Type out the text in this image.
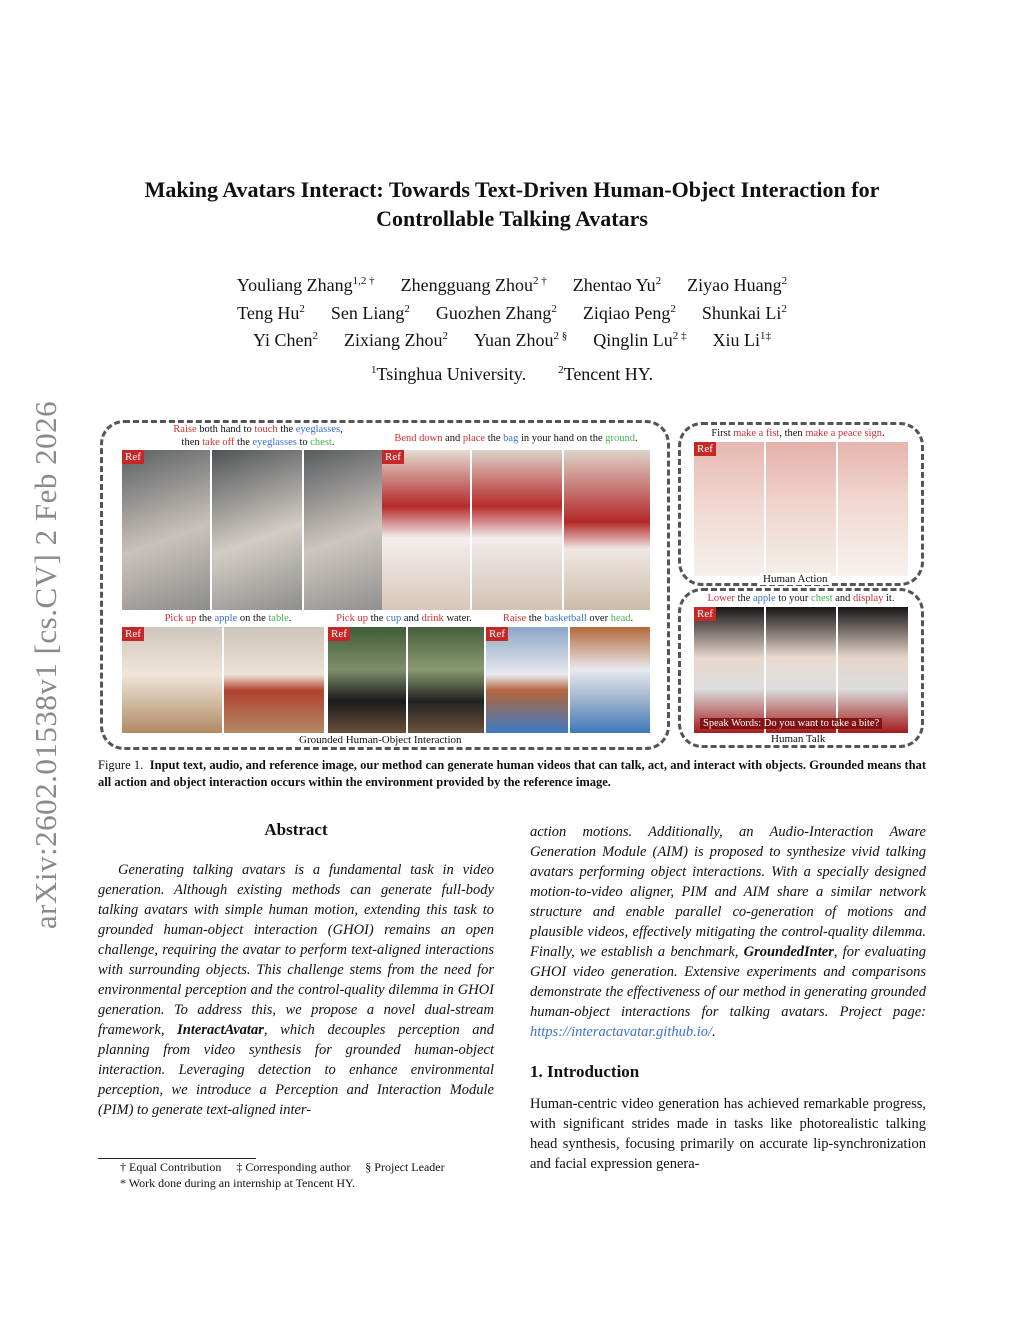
arXiv:2602.01538v1 [cs.CV] 2 Feb 2026
Making Avatars Interact: Towards Text-Driven Human-Object Interaction for
Controllable Talking Avatars
Youliang Zhang$^{1,2 \dagger}$ Zhengguang Zhou$^{2 \dagger}$ Zhentao Yu$^2$ Ziyao Huang$^2$
Teng Hu$^2$ Sen Liang$^2$ Guozhen Zhang$^2$ Ziqiao Peng$^2$ Shunkai Li$^2$
Yi Chen$^2$ Zixiang Zhou$^2$ Yuan Zhou$^{2 \S}$ Qinglin $Lu^{2 \ddagger}$ Xiu $Li^{1\ddagger}$
$^1$Tsinghua University.	$^2$Tencent HY.
Raise both hand to touch the eyeglasses,
then take off the eyeglasses to chest.	Bend down and place the bag in your hand on the ground.	First make a fist, then make a peace sign.
Ref	Ref
Pick up the apple on the table.	Pick up the cup and drink water.	Raise the basketball over head.
Ref	Ref	Ref
Ref
Lower the apple to your chest and display it.
Ref
Speak Words: Do you want to take a bite?
Grounded Human-Object Interaction
Human Action
Human Talk
Figure 1. Input text, audio, and reference image, our method can generate human videos that can talk, act, and interact with objects. Grounded means that all action and object interaction occurs within the environment provided by the reference image.
Abstract
Generating talking avatars is a fundamental task in video generation. Although existing methods can generate full-body talking avatars with simple human motion, extending this task to grounded human-object interaction (GHOI) remains an open challenge, requiring the avatar to perform text-aligned interactions with surrounding objects. This challenge stems from the need for environmental perception and the control-quality dilemma in GHOI generation. To address this, we propose a novel dual-stream framework, InteractAvatar, which decouples perception and planning from video synthesis for grounded human-object interaction. Leveraging detection to enhance environmental perception, we introduce a Perception and Interaction Module (PIM) to generate text-aligned inter-
action motions. Additionally, an Audio-Interaction Aware Generation Module (AIM) is proposed to synthesize vivid talking avatars performing object interactions. With a specially designed motion-to-video aligner, PIM and AIM share a similar network structure and enable parallel co-generation of motions and plausible videos, effectively mitigating the control-quality dilemma. Finally, we establish a benchmark, GroundedInter, for evaluating GHOI video generation. Extensive experiments and comparisons demonstrate the effectiveness of our method in generating grounded human-object interactions for talking avatars. Project page: https://interactavatar.github.io/.
1. Introduction
Human-centric video generation has achieved remarkable progress, with significant strides made in tasks like photorealistic talking head synthesis, focusing primarily on accurate lip-synchronization and facial expression genera-
† Equal Contribution     ‡ Corresponding author     § Project Leader
* Work done during an internship at Tencent HY.
